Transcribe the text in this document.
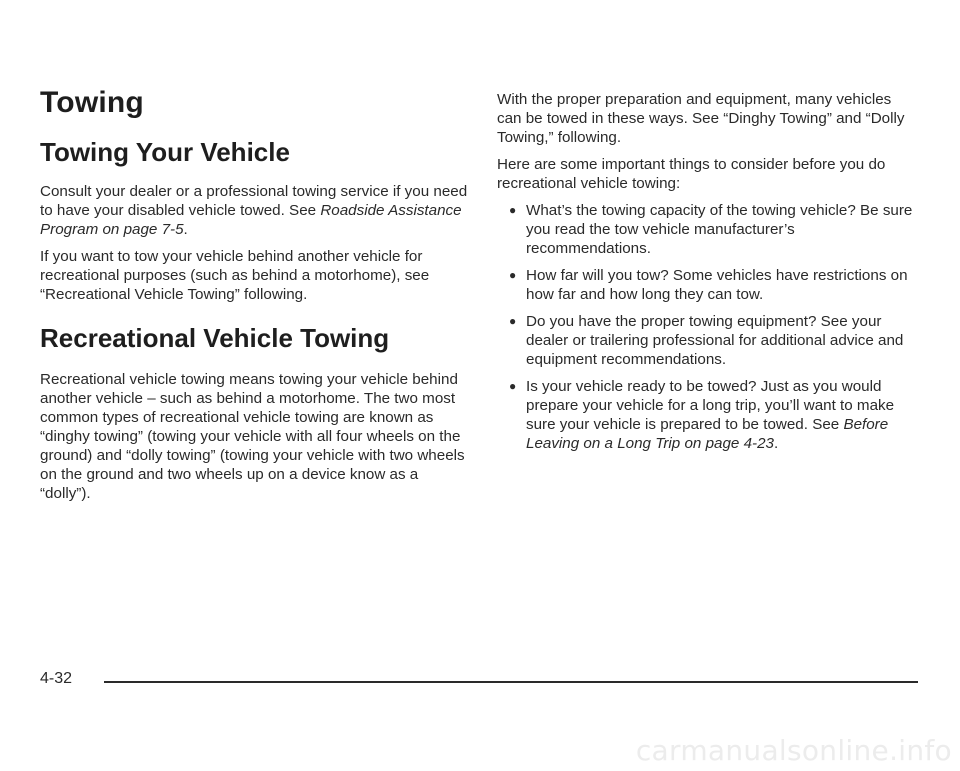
Towing
Towing Your Vehicle

Consult your dealer or a professional towing service if you need to have your disabled vehicle towed. See Roadside Assistance Program on page 7-5.

If you want to tow your vehicle behind another vehicle for recreational purposes (such as behind a motorhome), see “Recreational Vehicle Towing” following.

Recreational Vehicle Towing

Recreational vehicle towing means towing your vehicle behind another vehicle – such as behind a motorhome. The two most common types of recreational vehicle towing are known as “dinghy towing” (towing your vehicle with all four wheels on the ground) and “dolly towing” (towing your vehicle with two wheels on the ground and two wheels up on a device know as a “dolly”).

With the proper preparation and equipment, many vehicles can be towed in these ways. See “Dinghy Towing” and “Dolly Towing,” following.

Here are some important things to consider before you do recreational vehicle towing:

● What’s the towing capacity of the towing vehicle? Be sure you read the tow vehicle manufacturer’s recommendations.
● How far will you tow? Some vehicles have restrictions on how far and how long they can tow.
● Do you have the proper towing equipment? See your dealer or trailering professional for additional advice and equipment recommendations.
● Is your vehicle ready to be towed? Just as you would prepare your vehicle for a long trip, you’ll want to make sure your vehicle is prepared to be towed. See Before Leaving on a Long Trip on page 4-23.
4-32
carmanualsonline.info
